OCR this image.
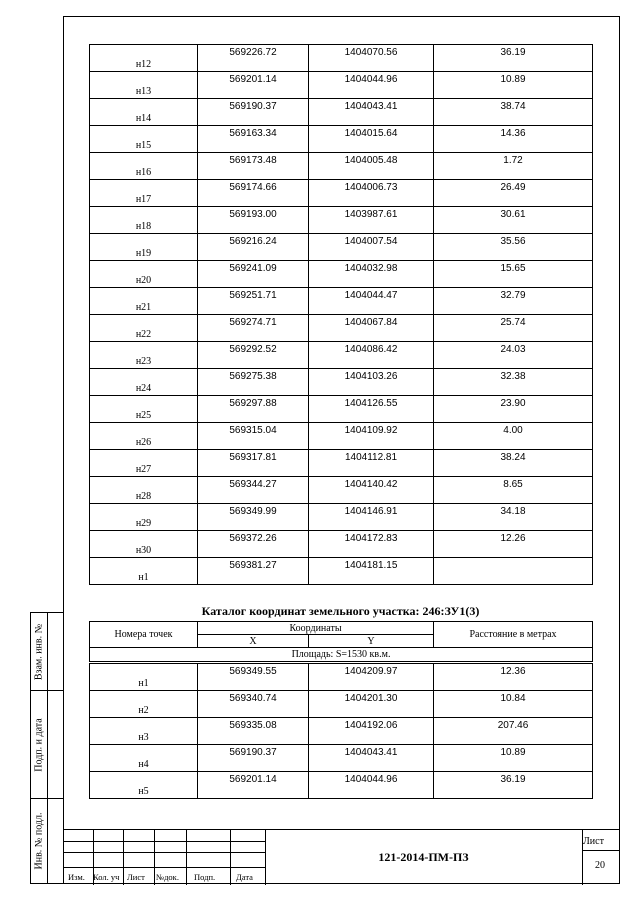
Взам. инв. №
Подп. и дата
Инв. № подл.
н12	569226.72	1404070.56	36.19

н13	569201.14	1404044.96	10.89

н14	569190.37	1404043.41	38.74

н15	569163.34	1404015.64	14.36

н16	569173.48	1404005.48	1.72

н17	569174.66	1404006.73	26.49

н18	569193.00	1403987.61	30.61

н19	569216.24	1404007.54	35.56

н20	569241.09	1404032.98	15.65

н21	569251.71	1404044.47	32.79

н22	569274.71	1404067.84	25.74

н23	569292.52	1404086.42	24.03

н24	569275.38	1404103.26	32.38

н25	569297.88	1404126.55	23.90

н26	569315.04	1404109.92	4.00

н27	569317.81	1404112.81	38.24

н28	569344.27	1404140.42	8.65

н29	569349.99	1404146.91	34.18

н30	569372.26	1404172.83	12.26

н1	569381.27	1404181.15	

Каталог координат земельного участка: 246:ЗУ1(3)
Номера точек	Координаты		Расстояние в метрах
	X	Y	
Площадь: S=1530 кв.м.			
н1	569349.55	1404209.97	12.36

н2	569340.74	1404201.30	10.84

н3	569335.08	1404192.06	207.46

н4	569190.37	1404043.41	10.89

н5	569201.14	1404044.96	36.19
Изм. Кол. уч Лист №док. Подп. Дата
121-2014-ПМ-ПЗ
Лист
20
